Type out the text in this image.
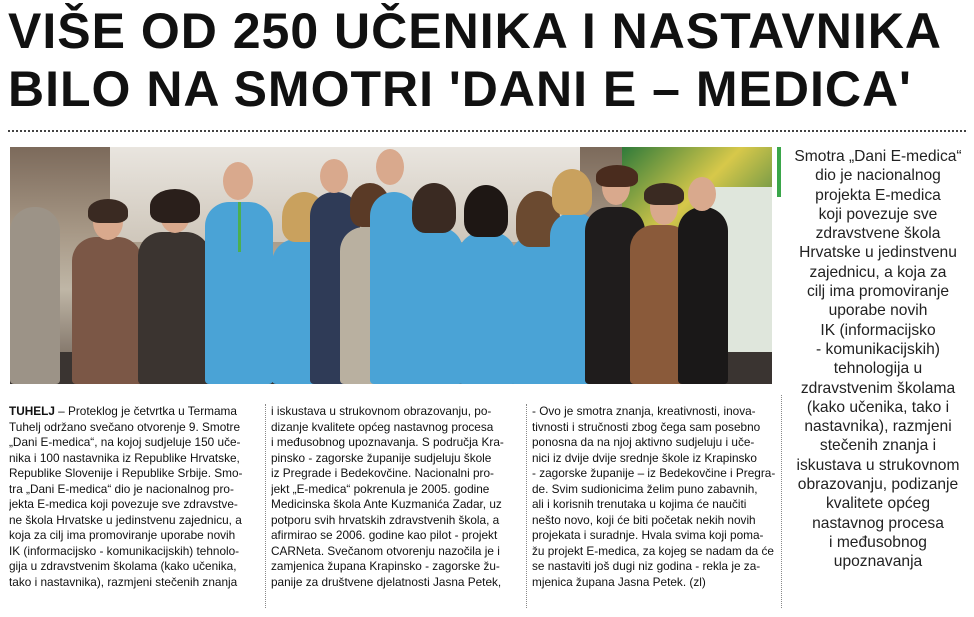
VIŠE OD 250 UČENIKA I NASTAVNIKA
BILO NA SMOTRI 'DANI E – MEDICA'
Smotra „Dani E-medica“
dio je nacionalnog
projekta E-medica
koji povezuje sve
zdravstvene škola
Hrvatske u jedinstvenu
zajednicu, a koja za
cilj ima promoviranje
uporabe novih
IK (informacijsko
- komunikacijskih)
tehnologija u
zdravstvenim školama
(kako učenika, tako i
nastavnika), razmjeni
stečenih znanja i
iskustava u strukovnom
obrazovanju, podizanje
kvalitete općeg
nastavnog procesa
i međusobnog
upoznavanja
TUHELJ – Proteklog je četvrtka u Termama
Tuhelj održano svečano otvorenje 9. Smotre
„Dani E-medica“, na kojoj sudjeluje 150 uče-
nika i 100 nastavnika iz Republike Hrvatske,
Republike Slovenije i Republike Srbije. Smo-
tra „Dani E-medica“ dio je nacionalnog pro-
jekta E-medica koji povezuje sve zdravstve-
ne škola Hrvatske u jedinstvenu zajednicu, a
koja za cilj ima promoviranje uporabe novih
IK (informacijsko - komunikacijskih) tehnolo-
gija u zdravstvenim školama (kako učenika,
tako i nastavnika), razmjeni stečenih znanja
i iskustava u strukovnom obrazovanju, po-
dizanje kvalitete općeg nastavnog procesa
i međusobnog upoznavanja. S područja Kra-
pinsko - zagorske županije sudjeluju škole
iz Pregrade i Bedekovčine. Nacionalni pro-
jekt „E-medica“ pokrenula je 2005. godine
Medicinska škola Ante Kuzmanića Zadar, uz
potporu svih hrvatskih zdravstvenih škola, a
afirmirao se 2006. godine kao pilot - projekt
CARNeta. Svečanom otvorenju nazočila je i
zamjenica župana Krapinsko - zagorske žu-
panije za društvene djelatnosti Jasna Petek,
- Ovo je smotra znanja, kreativnosti, inova-
tivnosti i stručnosti zbog čega sam posebno
ponosna da na njoj aktivno sudjeluju i uče-
nici iz dvije dvije srednje škole iz Krapinsko
- zagorske županije – iz Bedekovčine i Pregra-
de. Svim sudionicima želim puno zabavnih,
ali i korisnih trenutaka u kojima će naučiti
nešto novo, koji će biti početak nekih novih
projekata i suradnje. Hvala svima koji poma-
žu projekt E-medica, za kojeg se nadam da će
se nastaviti još dugi niz godina - rekla je za-
mjenica župana Jasna Petek. (zl)
